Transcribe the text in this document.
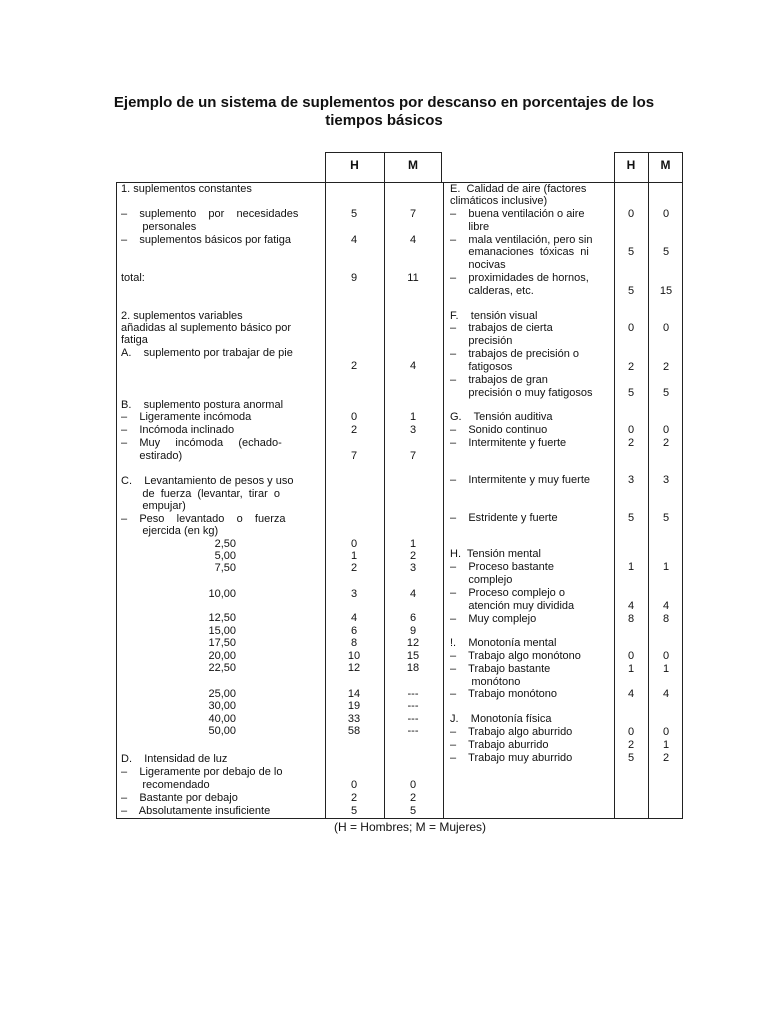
Ejemplo de un sistema de suplementos por descanso en porcentajes de los
tiempos básicos
H	M	H	M
1. suplementos constantes
–    suplemento    por    necesidades	5	7
personales
–    suplementos básicos por fatiga	4	4
total:	9	11
2. suplementos variables
añadidas al suplemento básico por
fatiga
A.    suplemento por trabajar de pie
2	4
B.    suplemento postura anormal
–    Ligeramente incómoda	0	1
–    Incómoda inclinado	2	3
–    Muy     incómoda     (echado-
estirado)	7	7
C.    Levantamiento de pesos y uso
de  fuerza  (levantar,  tirar  o
empujar)
–    Peso    levantado    o    fuerza
ejercida (en kg)
2,50	0	1
5,00	1	2
7,50	2	3
10,00	3	4
12,50	4	6
15,00	6	9
17,50	8	12
20,00	10	15
22,50	12	18
25,00	14	---
30,00	19	---
40,00	33	---
50,00	58	---
D.    Intensidad de luz
–    Ligeramente por debajo de lo
recomendado	0	0
–    Bastante por debajo	2	2
–    Absolutamente insuficiente	5	5
E.  Calidad de aire (factores
climáticos inclusive)
–    buena ventilación o aire	0	0
libre
–    mala ventilación, pero sin
emanaciones  tóxicas  ni	5	5
nocivas
–    proximidades de hornos,
calderas, etc.	5	15
F.    tensión visual
–    trabajos de cierta	0	0
precisión
–    trabajos de precisión o
fatigosos	2	2
–    trabajos de gran
precisión o muy fatigosos	5	5
G.    Tensión auditiva
–    Sonido continuo	0	0
–    Intermitente y fuerte	2	2
–    Intermitente y muy fuerte	3	3
–    Estridente y fuerte	5	5
H.  Tensión mental
–    Proceso bastante	1	1
complejo
–    Proceso complejo o
atención muy dividida	4	4
–    Muy complejo	8	8
!.    Monotonía mental
–    Trabajo algo monótono	0	0
–    Trabajo bastante	1	1
monótono
–    Trabajo monótono	4	4
J.    Monotonía física
–    Trabajo algo aburrido	0	0
–    Trabajo aburrido	2	1
–    Trabajo muy aburrido	5	2
(H = Hombres; M = Mujeres)
